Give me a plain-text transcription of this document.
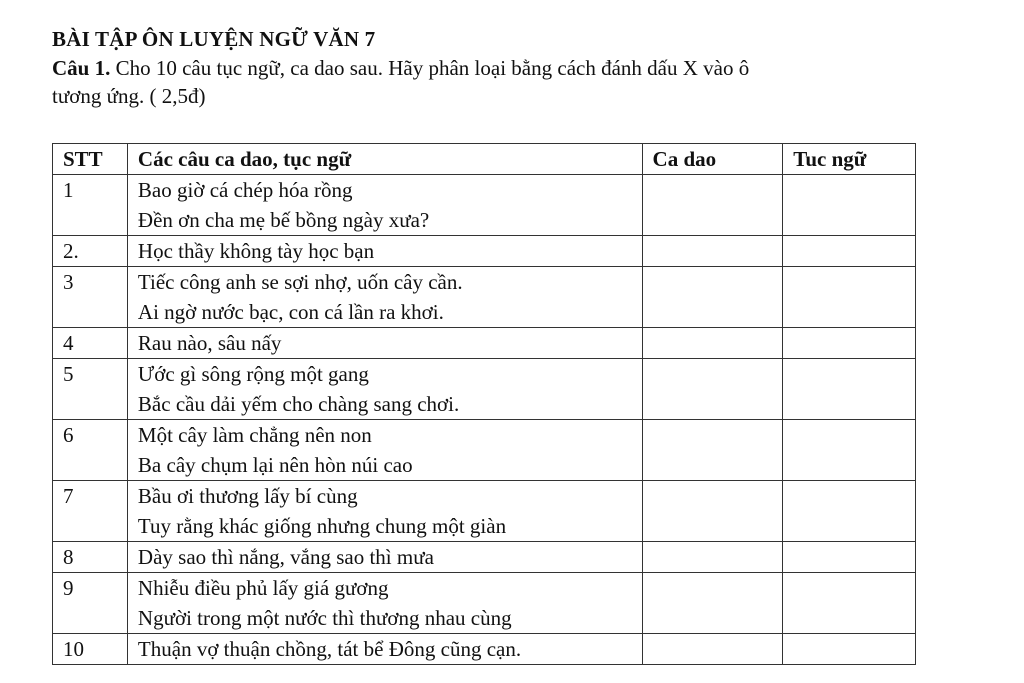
BÀI TẬP ÔN LUYỆN NGỮ VĂN 7

Câu 1. Cho 10 câu tục ngữ, ca dao sau. Hãy phân loại bằng cách đánh dấu X vào ô
tương ứng. ( 2,5đ)

STT	Các câu ca dao, tục ngữ	Ca dao	Tuc ngữ
1	Bao giờ cá chép hóa rồng
Đền ơn cha mẹ bế bồng ngày xưa?		

2.	Học thầy không tày học bạn		

3	Tiếc công anh se sợi nhợ, uốn cây cần.
Ai ngờ nước bạc, con cá lần ra khơi.		

4	Rau nào, sâu nấy		

5	Ước gì sông rộng một gang
Bắc cầu dải yếm cho chàng sang chơi.		

6	Một cây làm chẳng nên non
Ba cây chụm lại nên hòn núi cao		

7	Bầu ơi thương lấy bí cùng
Tuy rằng khác giống nhưng chung một giàn		

8	Dày sao thì nắng, vắng sao thì mưa		

9	Nhiễu điều phủ lấy giá gương
Người trong một nước thì thương nhau cùng		

10	Thuận vợ thuận chồng, tát bể Đông cũng cạn.		
